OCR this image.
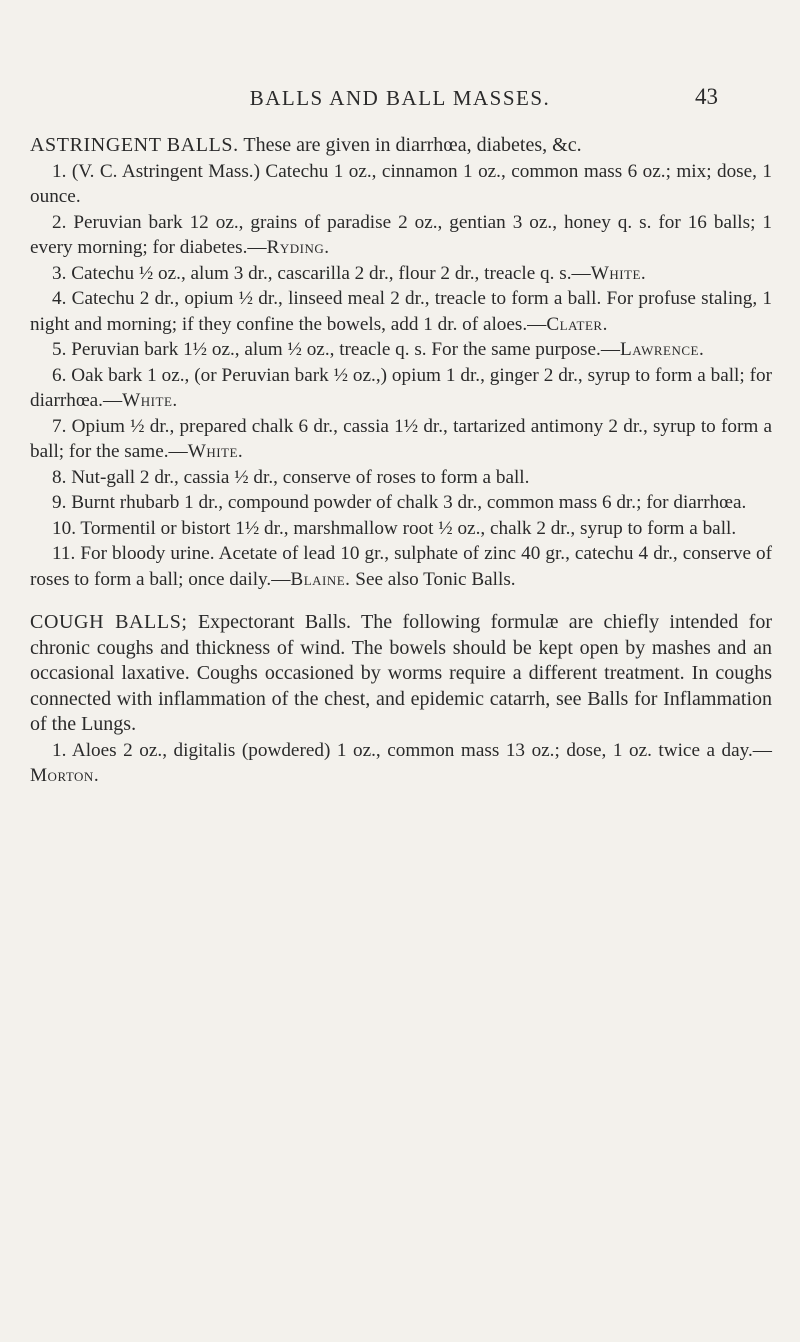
BALLS AND BALL MASSES.	43

ASTRINGENT BALLS. These are given in diarrhœa, diabetes, &c.

1. (V. C. Astringent Mass.) Catechu 1 oz., cinnamon 1 oz., common mass 6 oz.; mix; dose, 1 ounce.

2. Peruvian bark 12 oz., grains of paradise 2 oz., gentian 3 oz., honey q. s. for 16 balls; 1 every morning; for diabetes.—Ryding.

3. Catechu ½ oz., alum 3 dr., cascarilla 2 dr., flour 2 dr., treacle q. s.—White.

4. Catechu 2 dr., opium ½ dr., linseed meal 2 dr., treacle to form a ball. For profuse staling, 1 night and morning; if they confine the bowels, add 1 dr. of aloes.—Clater.

5. Peruvian bark 1½ oz., alum ½ oz., treacle q. s. For the same purpose.—Lawrence.

6. Oak bark 1 oz., (or Peruvian bark ½ oz.,) opium 1 dr., ginger 2 dr., syrup to form a ball; for diarrhœa.—White.

7. Opium ½ dr., prepared chalk 6 dr., cassia 1½ dr., tartarized antimony 2 dr., syrup to form a ball; for the same.—White.

8. Nut-gall 2 dr., cassia ½ dr., conserve of roses to form a ball.

9. Burnt rhubarb 1 dr., compound powder of chalk 3 dr., common mass 6 dr.; for diarrhœa.

10. Tormentil or bistort 1½ dr., marshmallow root ½ oz., chalk 2 dr., syrup to form a ball.

11. For bloody urine. Acetate of lead 10 gr., sulphate of zinc 40 gr., catechu 4 dr., conserve of roses to form a ball; once daily.—Blaine. See also Tonic Balls.

COUGH BALLS; Expectorant Balls. The following formulæ are chiefly intended for chronic coughs and thickness of wind. The bowels should be kept open by mashes and an occasional laxative. Coughs occasioned by worms require a different treatment. In coughs connected with inflammation of the chest, and epidemic catarrh, see Balls for Inflammation of the Lungs.

1. Aloes 2 oz., digitalis (powdered) 1 oz., common mass 13 oz.; dose, 1 oz. twice a day.—Morton.
